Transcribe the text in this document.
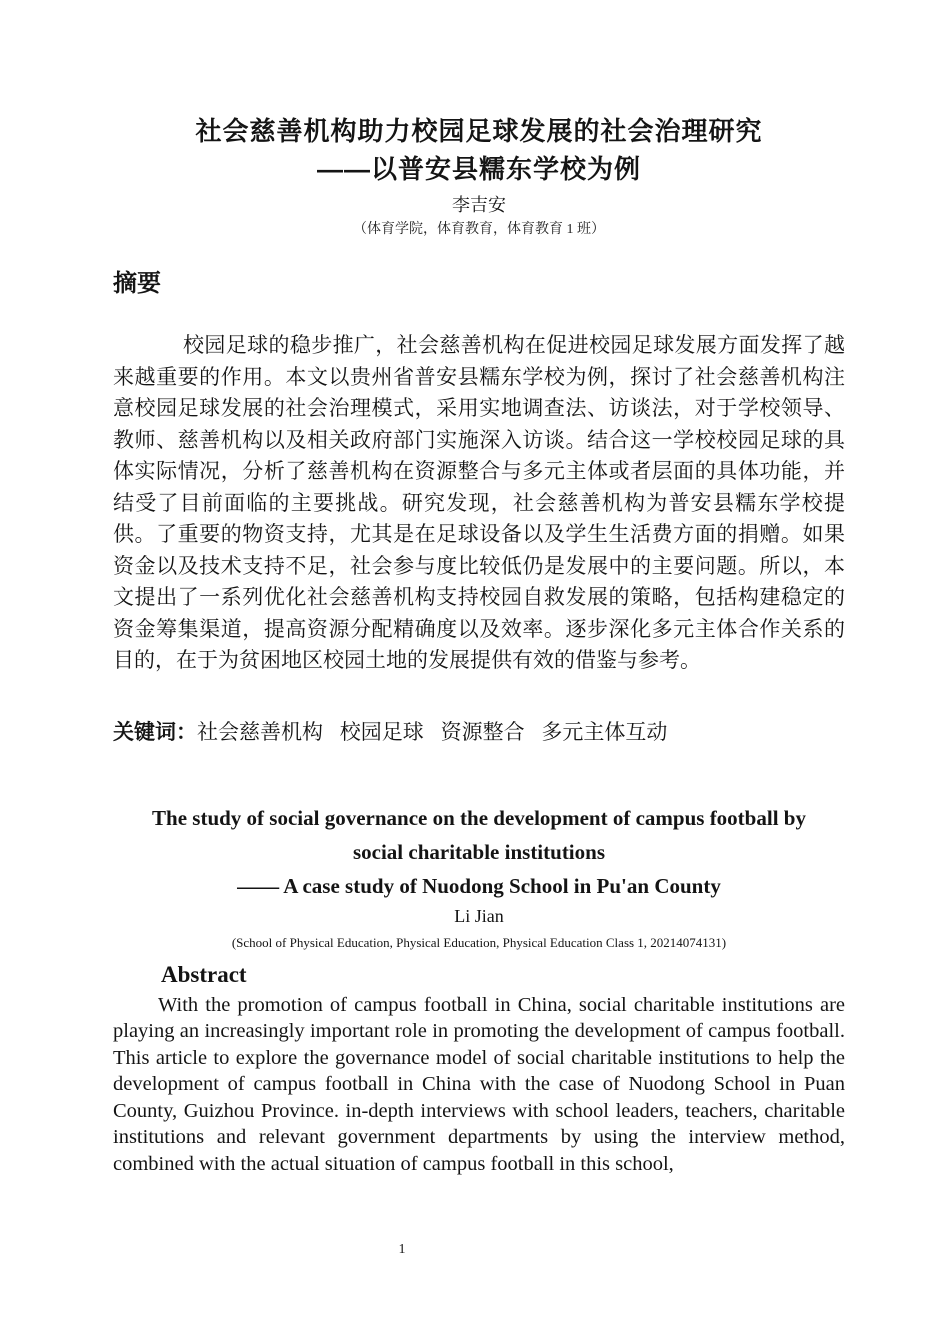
社会慈善机构助力校园足球发展的社会治理研究
——以普安县糯东学校为例
李吉安
（体育学院，体育教育，体育教育 1 班）
摘要
校园足球的稳步推广，社会慈善机构在促进校园足球发展方面发挥了越来越重要的作用。本文以贵州省普安县糯东学校为例，探讨了社会慈善机构注意校园足球发展的社会治理模式，采用实地调查法、访谈法，对于学校领导、教师、慈善机构以及相关政府部门实施深入访谈。结合这一学校校园足球的具体实际情况，分析了慈善机构在资源整合与多元主体或者层面的具体功能，并结受了目前面临的主要挑战。研究发现，社会慈善机构为普安县糯东学校提供。了重要的物资支持，尤其是在足球设备以及学生生活费方面的捐赠。如果资金以及技术支持不足，社会参与度比较低仍是发展中的主要问题。所以，本文提出了一系列优化社会慈善机构支持校园自救发展的策略，包括构建稳定的资金筹集渠道，提高资源分配精确度以及效率。逐步深化多元主体合作关系的目的，在于为贫困地区校园土地的发展提供有效的借鉴与参考。
关键词：社会慈善机构 校园足球 资源整合 多元主体互动
The study of social governance on the development of campus football by
social charitable institutions
—— A case study of Nuodong School in Pu'an County
Li Jian
(School of Physical Education, Physical Education, Physical Education Class 1, 20214074131)
Abstract
With the promotion of campus football in China, social charitable institutions are playing an increasingly important role in promoting the development of campus football. This article to explore the governance model of social charitable institutions to help the development of campus football in China with the case of Nuodong School in Puan County, Guizhou Province. in-depth interviews with school leaders, teachers, charitable institutions and relevant government departments by using the interview method, combined with the actual situation of campus football in this school,
1
